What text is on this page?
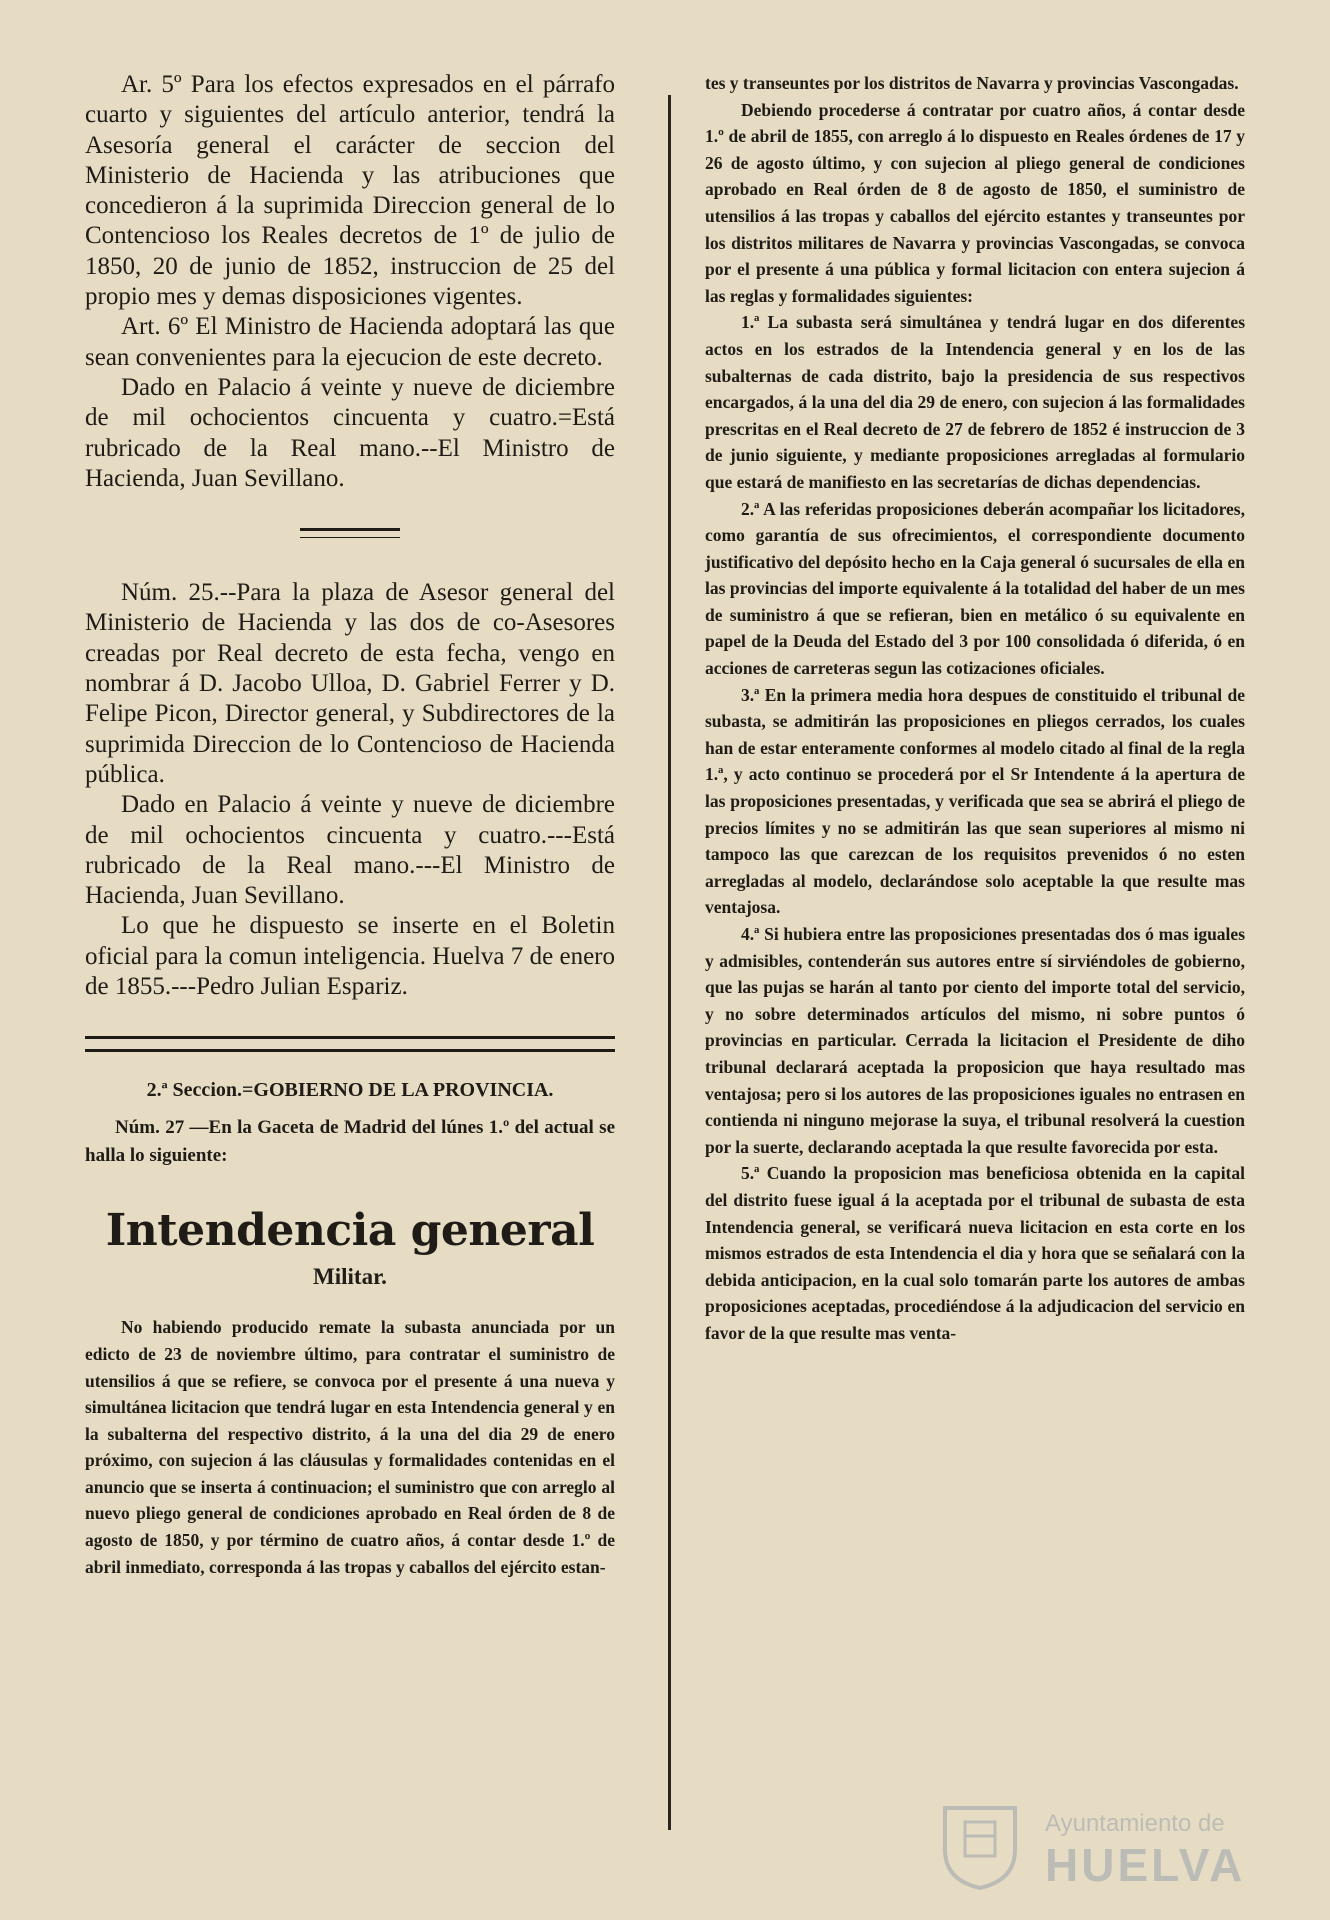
Ar. 5º Para los efectos expresados en el párrafo cuarto y siguientes del artículo anterior, tendrá la Asesoría general el carácter de seccion del Ministerio de Hacienda y las atribuciones que concedieron á la suprimida Direccion general de lo Contencioso los Reales decretos de 1º de julio de 1850, 20 de junio de 1852, instruccion de 25 del propio mes y demas disposiciones vigentes.

Art. 6º El Ministro de Hacienda adoptará las que sean convenientes para la ejecucion de este decreto.

Dado en Palacio á veinte y nueve de diciembre de mil ochocientos cincuenta y cuatro.=Está rubricado de la Real mano.--El Ministro de Hacienda, Juan Sevillano.

Núm. 25.--Para la plaza de Asesor general del Ministerio de Hacienda y las dos de co-Asesores creadas por Real decreto de esta fecha, vengo en nombrar á D. Jacobo Ulloa, D. Gabriel Ferrer y D. Felipe Picon, Director general, y Subdirectores de la suprimida Direccion de lo Contencioso de Hacienda pública.

Dado en Palacio á veinte y nueve de diciembre de mil ochocientos cincuenta y cuatro.---Está rubricado de la Real mano.---El Ministro de Hacienda, Juan Sevillano.

Lo que he dispuesto se inserte en el Boletin oficial para la comun inteligencia. Huelva 7 de enero de 1855.---Pedro Julian Espariz.

2.ª Seccion.=GOBIERNO DE LA PROVINCIA.

Núm. 27 —En la Gaceta de Madrid del lúnes 1.º del actual se halla lo siguiente:

Intendencia general
Militar.

No habiendo producido remate la subasta anunciada por un edicto de 23 de noviembre último, para contratar el suministro de utensilios á que se refiere, se convoca por el presente á una nueva y simultánea licitacion que tendrá lugar en esta Intendencia general y en la subalterna del respectivo distrito, á la una del dia 29 de enero próximo, con sujecion á las cláusulas y formalidades contenidas en el anuncio que se inserta á continuacion; el suministro que con arreglo al nuevo pliego general de condiciones aprobado en Real órden de 8 de agosto de 1850, y por término de cuatro años, á contar desde 1.º de abril inmediato, corresponda á las tropas y caballos del ejército estan-

tes y transeuntes por los distritos de Navarra y provincias Vascongadas.

Debiendo procederse á contratar por cuatro años, á contar desde 1.º de abril de 1855, con arreglo á lo dispuesto en Reales órdenes de 17 y 26 de agosto último, y con sujecion al pliego general de condiciones aprobado en Real órden de 8 de agosto de 1850, el suministro de utensilios á las tropas y caballos del ejército estantes y transeuntes por los distritos militares de Navarra y provincias Vascongadas, se convoca por el presente á una pública y formal licitacion con entera sujecion á las reglas y formalidades siguientes:

1.ª La subasta será simultánea y tendrá lugar en dos diferentes actos en los estrados de la Intendencia general y en los de las subalternas de cada distrito, bajo la presidencia de sus respectivos encargados, á la una del dia 29 de enero, con sujecion á las formalidades prescritas en el Real decreto de 27 de febrero de 1852 é instruccion de 3 de junio siguiente, y mediante proposiciones arregladas al formulario que estará de manifiesto en las secretarías de dichas dependencias.

2.ª A las referidas proposiciones deberán acompañar los licitadores, como garantía de sus ofrecimientos, el correspondiente documento justificativo del depósito hecho en la Caja general ó sucursales de ella en las provincias del importe equivalente á la totalidad del haber de un mes de suministro á que se refieran, bien en metálico ó su equivalente en papel de la Deuda del Estado del 3 por 100 consolidada ó diferida, ó en acciones de carreteras segun las cotizaciones oficiales.

3.ª En la primera media hora despues de constituido el tribunal de subasta, se admitirán las proposiciones en pliegos cerrados, los cuales han de estar enteramente conformes al modelo citado al final de la regla 1.ª, y acto continuo se procederá por el Sr Intendente á la apertura de las proposiciones presentadas, y verificada que sea se abrirá el pliego de precios límites y no se admitirán las que sean superiores al mismo ni tampoco las que carezcan de los requisitos prevenidos ó no esten arregladas al modelo, declarándose solo aceptable la que resulte mas ventajosa.

4.ª Si hubiera entre las proposiciones presentadas dos ó mas iguales y admisibles, contenderán sus autores entre sí sirviéndoles de gobierno, que las pujas se harán al tanto por ciento del importe total del servicio, y no sobre determinados artículos del mismo, ni sobre puntos ó provincias en particular. Cerrada la licitacion el Presidente de diho tribunal declarará aceptada la proposicion que haya resultado mas ventajosa; pero si los autores de las proposiciones iguales no entrasen en contienda ni ninguno mejorase la suya, el tribunal resolverá la cuestion por la suerte, declarando aceptada la que resulte favorecida por esta.

5.ª Cuando la proposicion mas beneficiosa obtenida en la capital del distrito fuese igual á la aceptada por el tribunal de subasta de esta Intendencia general, se verificará nueva licitacion en esta corte en los mismos estrados de esta Intendencia el dia y hora que se señalará con la debida anticipacion, en la cual solo tomarán parte los autores de ambas proposiciones aceptadas, procediéndose á la adjudicacion del servicio en favor de la que resulte mas venta-

Ayuntamiento de
HUELVA
